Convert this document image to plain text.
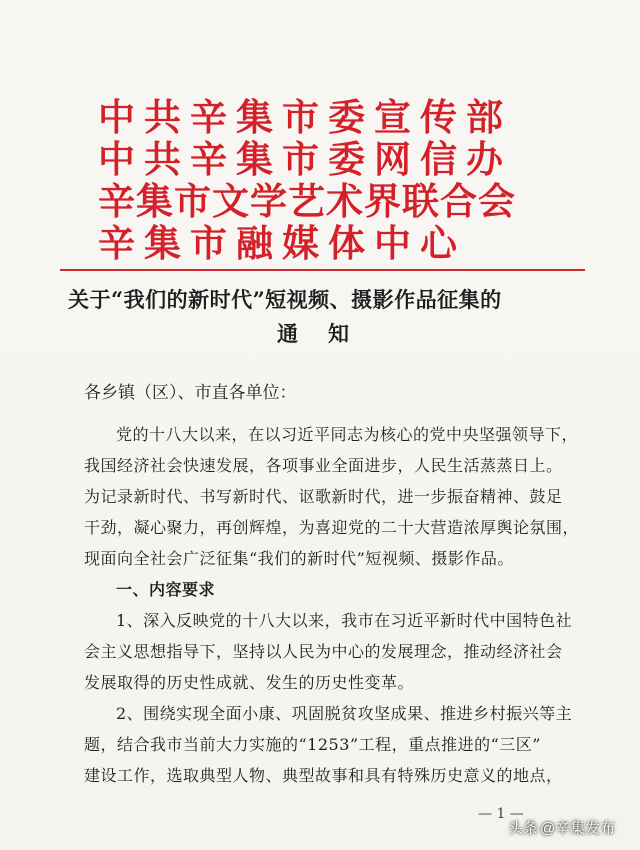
中共辛集市委宣传部
中共辛集市委网信办
辛集市文学艺术界联合会
辛集市融媒体中心
关于“我们的新时代”短视频、摄影作品征集的
通知
各乡镇（区）、市直各单位：
党的十八大以来，在以习近平同志为核心的党中央坚强领导下，
我国经济社会快速发展，各项事业全面进步，人民生活蒸蒸日上。
为记录新时代、书写新时代、讴歌新时代，进一步振奋精神、鼓足
干劲，凝心聚力，再创辉煌，为喜迎党的二十大营造浓厚舆论氛围，
现面向全社会广泛征集“我们的新时代”短视频、摄影作品。
一、内容要求
1、深入反映党的十八大以来，我市在习近平新时代中国特色社
会主义思想指导下，坚持以人民为中心的发展理念，推动经济社会
发展取得的历史性成就、发生的历史性变革。
2、围绕实现全面小康、巩固脱贫攻坚成果、推进乡村振兴等主
题，结合我市当前大力实施的“1253”工程，重点推进的“三区”
建设工作，选取典型人物、典型故事和具有特殊历史意义的地点，
— 1 —
头条 @辛集发布
